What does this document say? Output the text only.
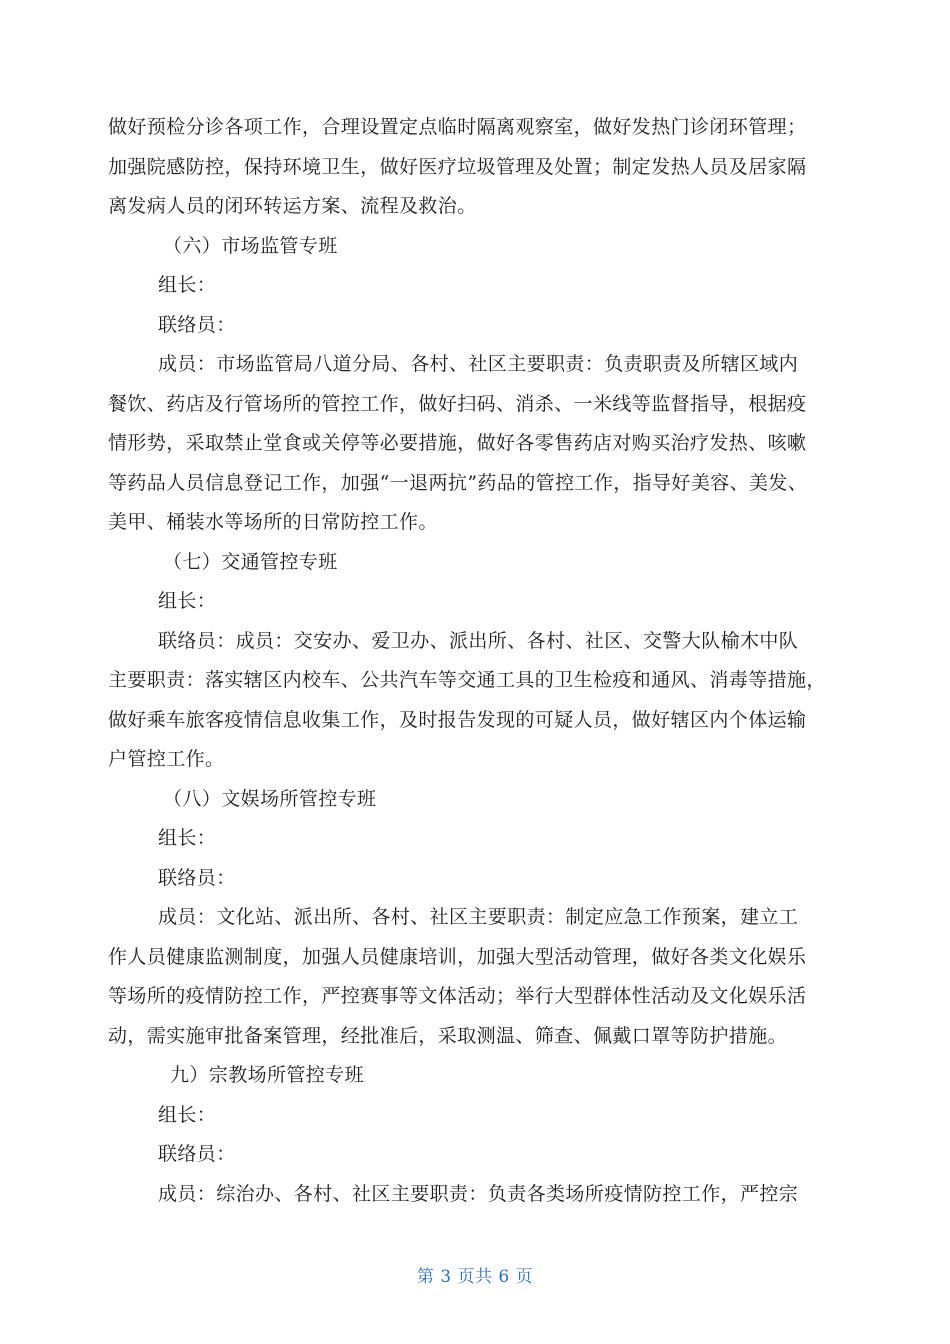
做好预检分诊各项工作，合理设置定点临时隔离观察室，做好发热门诊闭环管理；
加强院感防控，保持环境卫生，做好医疗垃圾管理及处置；制定发热人员及居家隔
离发病人员的闭环转运方案、流程及救治。
（六）市场监管专班
组长：
联络员：
成员：市场监管局八道分局、各村、社区主要职责：负责职责及所辖区域内
餐饮、药店及行管场所的管控工作，做好扫码、消杀、一米线等监督指导，根据疫
情形势，采取禁止堂食或关停等必要措施，做好各零售药店对购买治疗发热、咳嗽
等药品人员信息登记工作，加强“一退两抗”药品的管控工作，指导好美容、美发、
美甲、桶装水等场所的日常防控工作。
（七）交通管控专班
组长：
联络员：成员：交安办、爱卫办、派出所、各村、社区、交警大队榆木中队
主要职责：落实辖区内校车、公共汽车等交通工具的卫生检疫和通风、消毒等措施，
做好乘车旅客疫情信息收集工作，及时报告发现的可疑人员，做好辖区内个体运输
户管控工作。
（八）文娱场所管控专班
组长：
联络员：
成员：文化站、派出所、各村、社区主要职责：制定应急工作预案，建立工
作人员健康监测制度，加强人员健康培训，加强大型活动管理，做好各类文化娱乐
等场所的疫情防控工作，严控赛事等文体活动；举行大型群体性活动及文化娱乐活
动，需实施审批备案管理，经批准后，采取测温、筛查、佩戴口罩等防护措施。
九）宗教场所管控专班
组长：
联络员：
成员：综治办、各村、社区主要职责：负责各类场所疫情防控工作，严控宗
第 3 页共 6 页
